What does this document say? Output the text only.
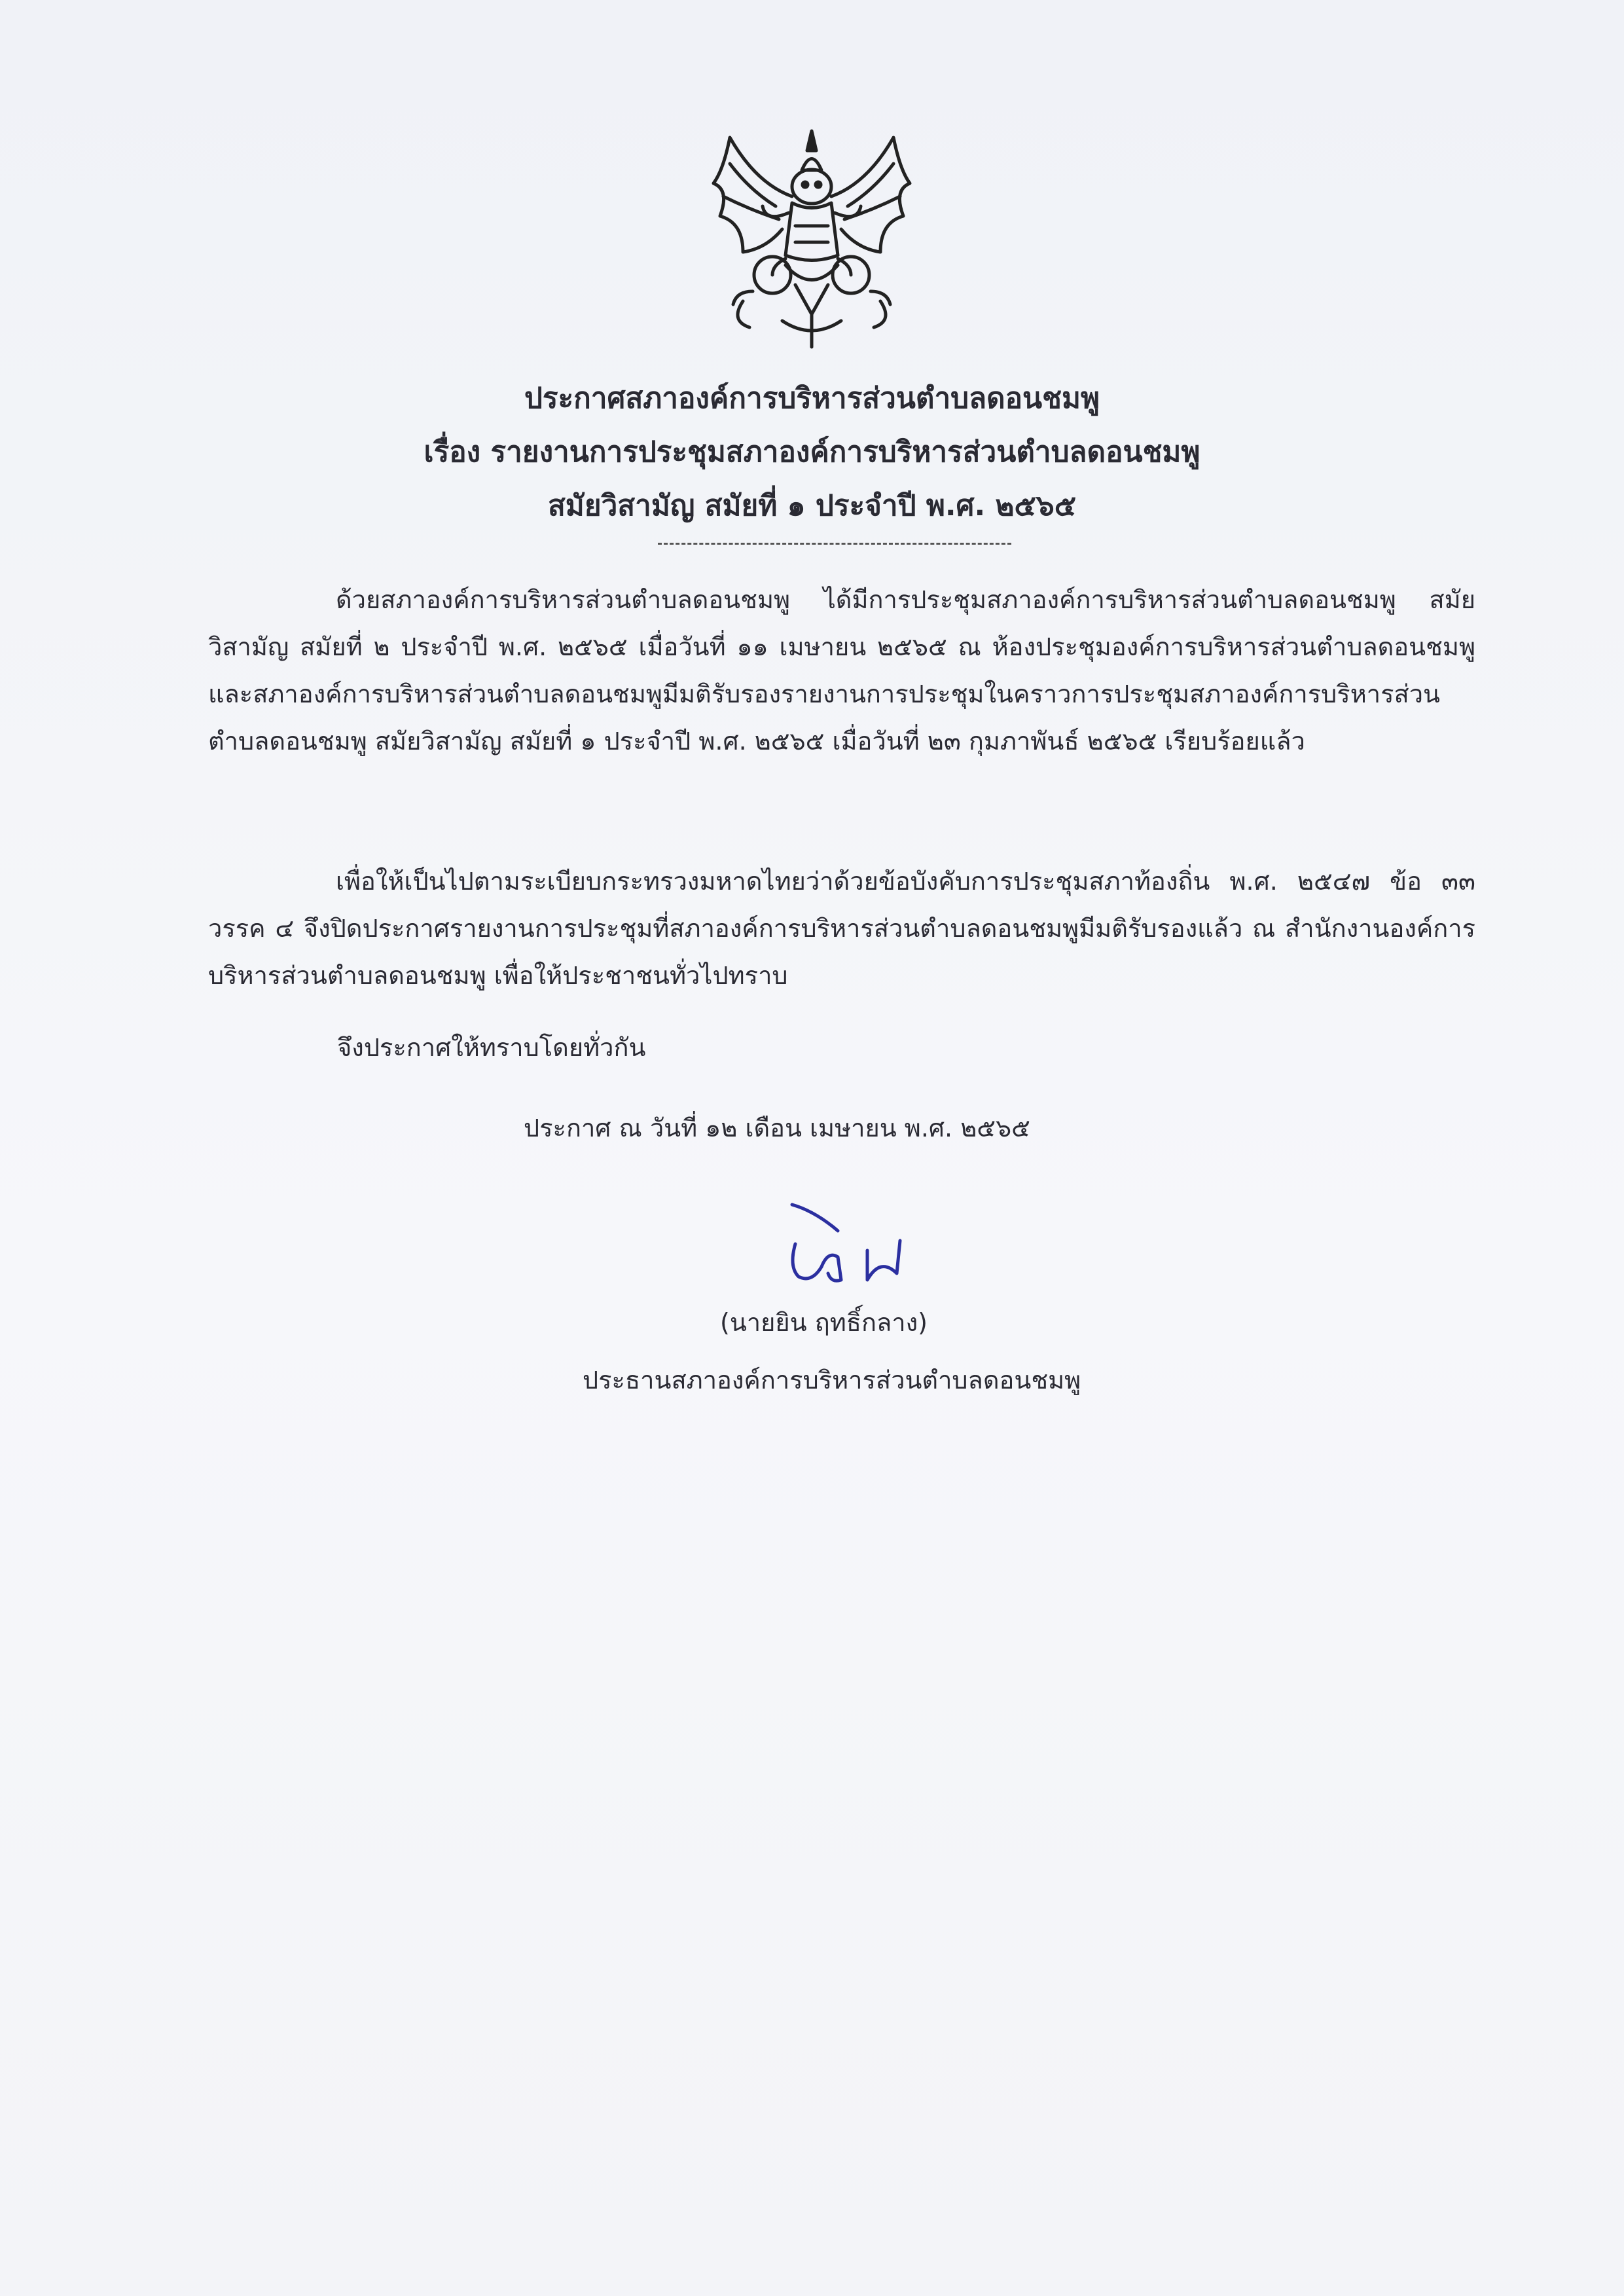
ประกาศสภาองค์การบริหารส่วนตำบลดอนชมพู
เรื่อง รายงานการประชุมสภาองค์การบริหารส่วนตำบลดอนชมพู
สมัยวิสามัญ สมัยที่ ๑ ประจำปี พ.ศ. ๒๕๖๕
ด้วยสภาองค์การบริหารส่วนตำบลดอนชมพู ได้มีการประชุมสภาองค์การบริหารส่วนตำบลดอนชมพู สมัยวิสามัญ สมัยที่ ๒ ประจำปี พ.ศ. ๒๕๖๕ เมื่อวันที่ ๑๑ เมษายน ๒๕๖๕ ณ ห้องประชุมองค์การบริหารส่วนตำบลดอนชมพู และสภาองค์การบริหารส่วนตำบลดอนชมพูมีมติรับรองรายงานการประชุมในคราวการประชุมสภาองค์การบริหารส่วนตำบลดอนชมพู สมัยวิสามัญ สมัยที่ ๑ ประจำปี พ.ศ. ๒๕๖๕ เมื่อวันที่ ๒๓ กุมภาพันธ์ ๒๕๖๕ เรียบร้อยแล้ว
เพื่อให้เป็นไปตามระเบียบกระทรวงมหาดไทยว่าด้วยข้อบังคับการประชุมสภาท้องถิ่น พ.ศ. ๒๕๔๗ ข้อ ๓๓ วรรค ๔ จึงปิดประกาศรายงานการประชุมที่สภาองค์การบริหารส่วนตำบลดอนชมพูมีมติรับรองแล้ว ณ สำนักงานองค์การบริหารส่วนตำบลดอนชมพู เพื่อให้ประชาชนทั่วไปทราบ
จึงประกาศให้ทราบโดยทั่วกัน
ประกาศ ณ วันที่ ๑๒ เดือน เมษายน พ.ศ. ๒๕๖๕
(นายยิน ฤทธิ์กลาง)
ประธานสภาองค์การบริหารส่วนตำบลดอนชมพู
